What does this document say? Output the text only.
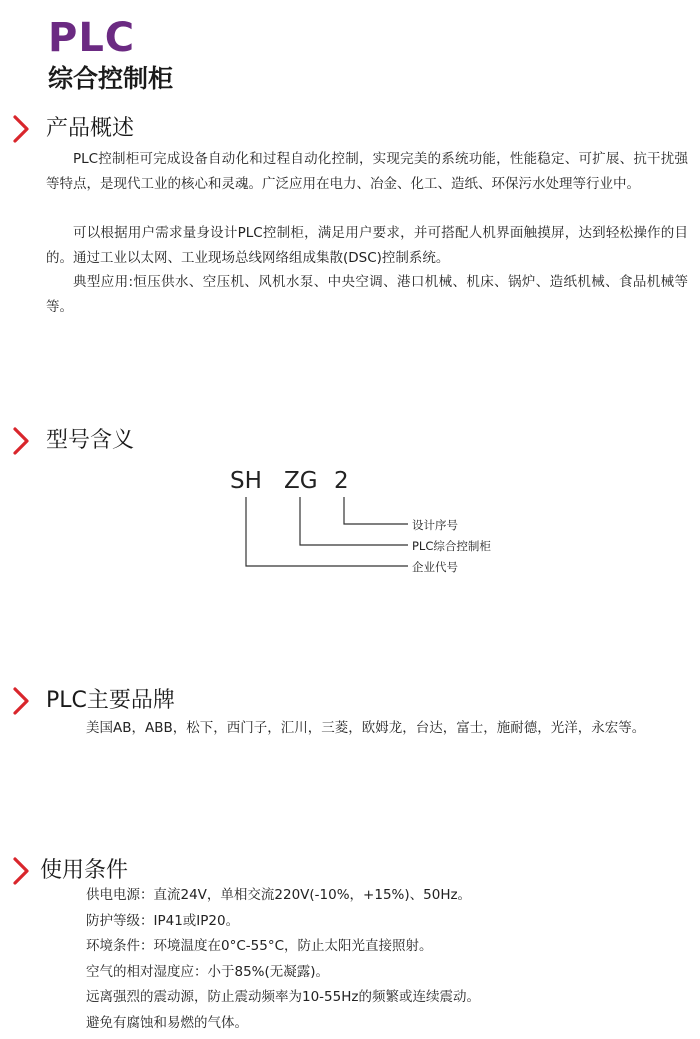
PLC
综合控制柜
产品概述

PLC控制柜可完成设备自动化和过程自动化控制，实现完美的系统功能，性能稳定、可扩展、抗干扰强等特点，是现代工业的核心和灵魂。广泛应用在电力、冶金、化工、造纸、环保污水处理等行业中。

可以根据用户需求量身设计PLC控制柜，满足用户要求，并可搭配人机界面触摸屏，达到轻松操作的目的。通过工业以太网、工业现场总线网络组成集散(DSC)控制系统。

典型应用:恒压供水、空压机、风机水泵、中央空调、港口机械、机床、锅炉、造纸机械、食品机械等等。

型号含义
SH ZG 2
设计序号
PLC综合控制柜
企业代号
PLC主要品牌
美国AB，ABB，松下，西门子，汇川，三菱，欧姆龙，台达，富士，施耐德，光洋，永宏等。
使用条件
供电电源：直流24V，单相交流220V(-10%，+15%)、50Hz。
防护等级：IP41或IP20。
环境条件：环境温度在0°C-55°C，防止太阳光直接照射。
空气的相对湿度应：小于85%(无凝露)。
远离强烈的震动源，防止震动频率为10-55Hz的频繁或连续震动。
避免有腐蚀和易燃的气体。
